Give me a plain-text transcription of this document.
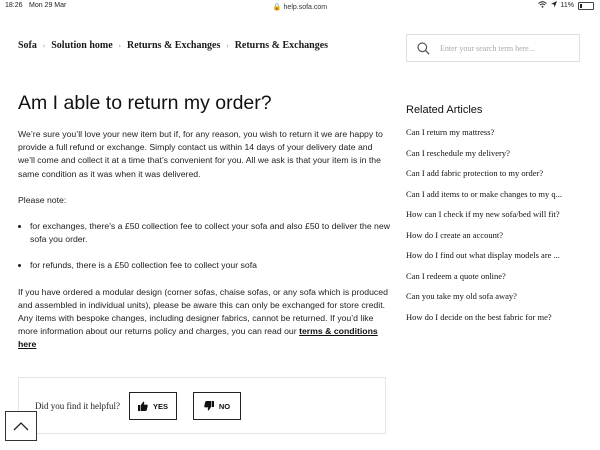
18:26 Mon 29 Mar	🔒 help.sofa.com	11%
Sofa › Solution home › Returns & Exchanges › Returns & Exchanges
Enter your search term here...
Am I able to return my order?

We’re sure you’ll love your new item but if, for any reason, you wish to return it we are happy to provide a full refund or exchange. Simply contact us within 14 days of your delivery date and we’ll come and collect it at a time that’s convenient for you. All we ask is that your item is in the same condition as it was when it was delivered.

Please note:

• for exchanges, there's a £50 collection fee to collect your sofa and also £50 to deliver the new sofa you order.
• for refunds, there is a £50 collection fee to collect your sofa

If you have ordered a modular design (corner sofas, chaise sofas, or any sofa which is produced and assembled in individual units), please be aware this can only be exchanged for store credit. Any items with bespoke changes, including designer fabrics, cannot be returned. If you’d like more information about our returns policy and charges, you can read our terms & conditions here

Did you find it helpful?	YES	NO
Related Articles
Can I return my mattress?
Can I reschedule my delivery?
Can I add fabric protection to my order?
Can I add items to or make changes to my q...
How can I check if my new sofa/bed will fit?
How do I create an account?
How do I find out what display models are ...
Can I redeem a quote online?
Can you take my old sofa away?
How do I decide on the best fabric for me?
